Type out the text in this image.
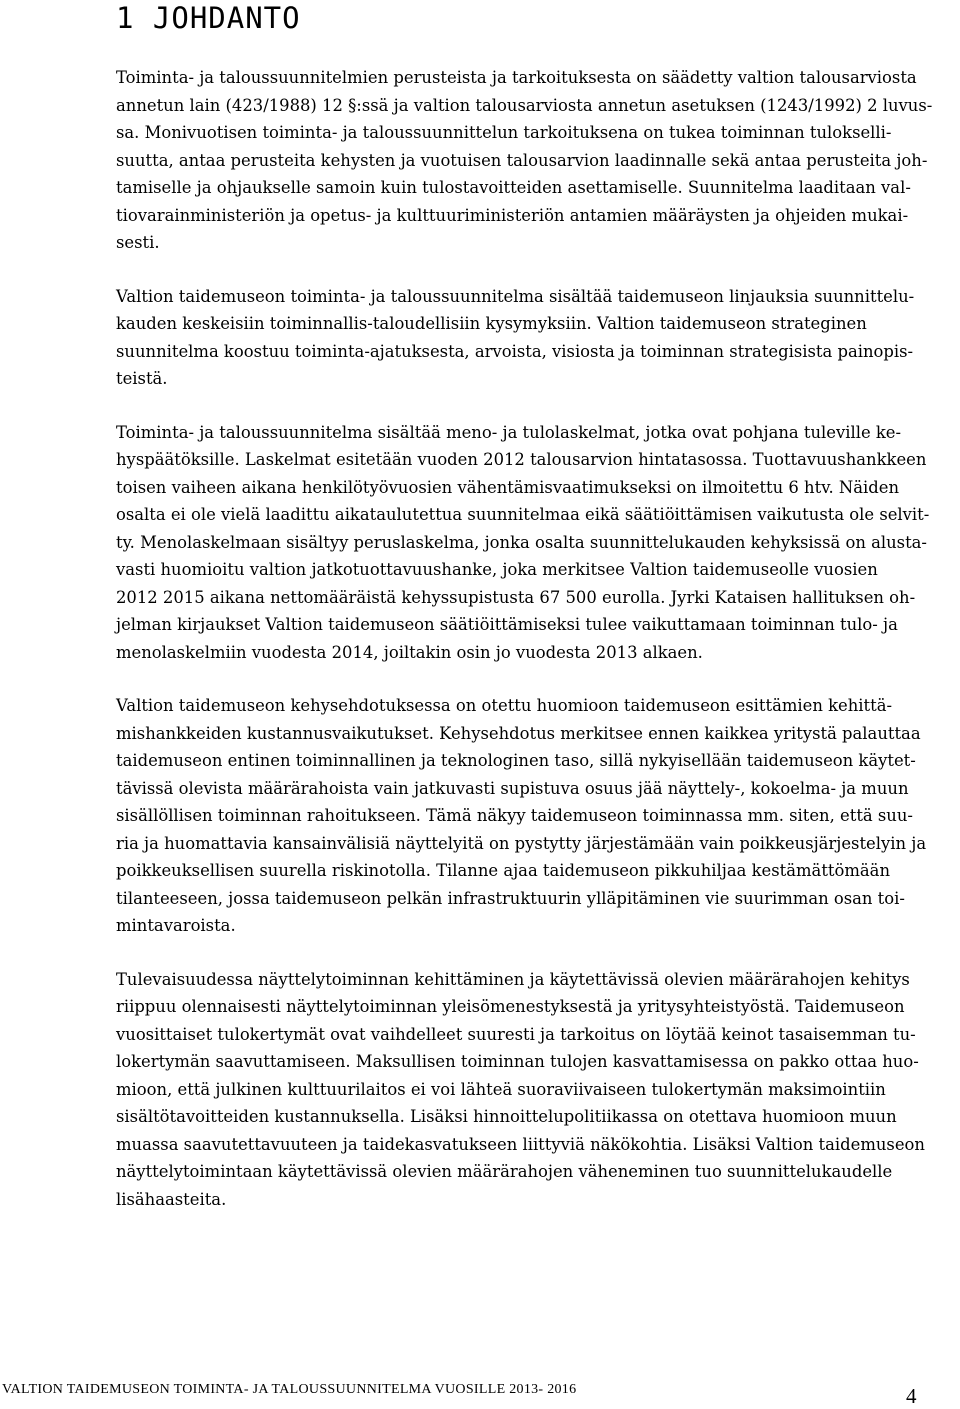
1 JOHDANTO
Toiminta- ja taloussuunnitelmien perusteista ja tarkoituksesta on säädetty valtion talousarviosta
annetun lain (423/1988) 12 §:ssä ja valtion talousarviosta annetun asetuksen (1243/1992) 2 luvus-
sa. Monivuotisen toiminta- ja taloussuunnittelun tarkoituksena on tukea toiminnan tulokselli-
suutta, antaa perusteita kehysten ja vuotuisen talousarvion laadinnalle sekä antaa perusteita joh-
tamiselle ja ohjaukselle samoin kuin tulostavoitteiden asettamiselle. Suunnitelma laaditaan val-
tiovarainministeriön ja opetus- ja kulttuuriministeriön antamien määräysten ja ohjeiden mukai-
sesti.
Valtion taidemuseon toiminta- ja taloussuunnitelma sisältää taidemuseon linjauksia suunnittelu-
kauden keskeisiin toiminnallis-taloudellisiin kysymyksiin. Valtion taidemuseon strateginen
suunnitelma koostuu toiminta-ajatuksesta, arvoista, visiosta ja toiminnan strategisista painopis-
teistä.
Toiminta- ja taloussuunnitelma sisältää meno- ja tulolaskelmat, jotka ovat pohjana tuleville ke-
hyspäätöksille. Laskelmat esitetään vuoden 2012 talousarvion hintatasossa. Tuottavuushankkeen
toisen vaiheen aikana henkilötyövuosien vähentämisvaatimukseksi on ilmoitettu 6 htv. Näiden
osalta ei ole vielä laadittu aikataulutettua suunnitelmaa eikä säätiöittämisen vaikutusta ole selvit-
ty. Menolaskelmaan sisältyy peruslaskelma, jonka osalta suunnittelukauden kehyksissä on alusta-
vasti huomioitu valtion jatkotuottavuushanke, joka merkitsee Valtion taidemuseolle vuosien
2012 2015 aikana nettomääräistä kehyssupistusta 67 500 eurolla. Jyrki Kataisen hallituksen oh-
jelman kirjaukset Valtion taidemuseon säätiöittämiseksi tulee vaikuttamaan toiminnan tulo- ja
menolaskelmiin vuodesta 2014, joiltakin osin jo vuodesta 2013 alkaen.
Valtion taidemuseon kehysehdotuksessa on otettu huomioon taidemuseon esittämien kehittä-
mishankkeiden kustannusvaikutukset. Kehysehdotus merkitsee ennen kaikkea yritystä palauttaa
taidemuseon entinen toiminnallinen ja teknologinen taso, sillä nykyisellään taidemuseon käytet-
tävissä olevista määrärahoista vain jatkuvasti supistuva osuus jää näyttely-, kokoelma- ja muun
sisällöllisen toiminnan rahoitukseen. Tämä näkyy taidemuseon toiminnassa mm. siten, että suu-
ria ja huomattavia kansainvälisiä näyttelyitä on pystytty järjestämään vain poikkeusjärjestelyin ja
poikkeuksellisen suurella riskinotolla. Tilanne ajaa taidemuseon pikkuhiljaa kestämättömään
tilanteeseen, jossa taidemuseon pelkän infrastruktuurin ylläpitäminen vie suurimman osan toi-
mintavaroista.
Tulevaisuudessa näyttelytoiminnan kehittäminen ja käytettävissä olevien määrärahojen kehitys
riippuu olennaisesti näyttelytoiminnan yleisömenestyksestä ja yritysyhteistyöstä. Taidemuseon
vuosittaiset tulokertymät ovat vaihdelleet suuresti ja tarkoitus on löytää keinot tasaisemman tu-
lokertymän saavuttamiseen. Maksullisen toiminnan tulojen kasvattamisessa on pakko ottaa huo-
mioon, että julkinen kulttuurilaitos ei voi lähteä suoraviivaiseen tulokertymän maksimointiin
sisältötavoitteiden kustannuksella. Lisäksi hinnoittelupolitiikassa on otettava huomioon muun
muassa saavutettavuuteen ja taidekasvatukseen liittyviä näkökohtia. Lisäksi Valtion taidemuseon
näyttelytoimintaan käytettävissä olevien määrärahojen väheneminen tuo suunnittelukaudelle
lisähaasteita.
VALTION TAIDEMUSEON TOIMINTA- JA TALOUSSUUNNITELMA VUOSILLE 2013- 2016	4
